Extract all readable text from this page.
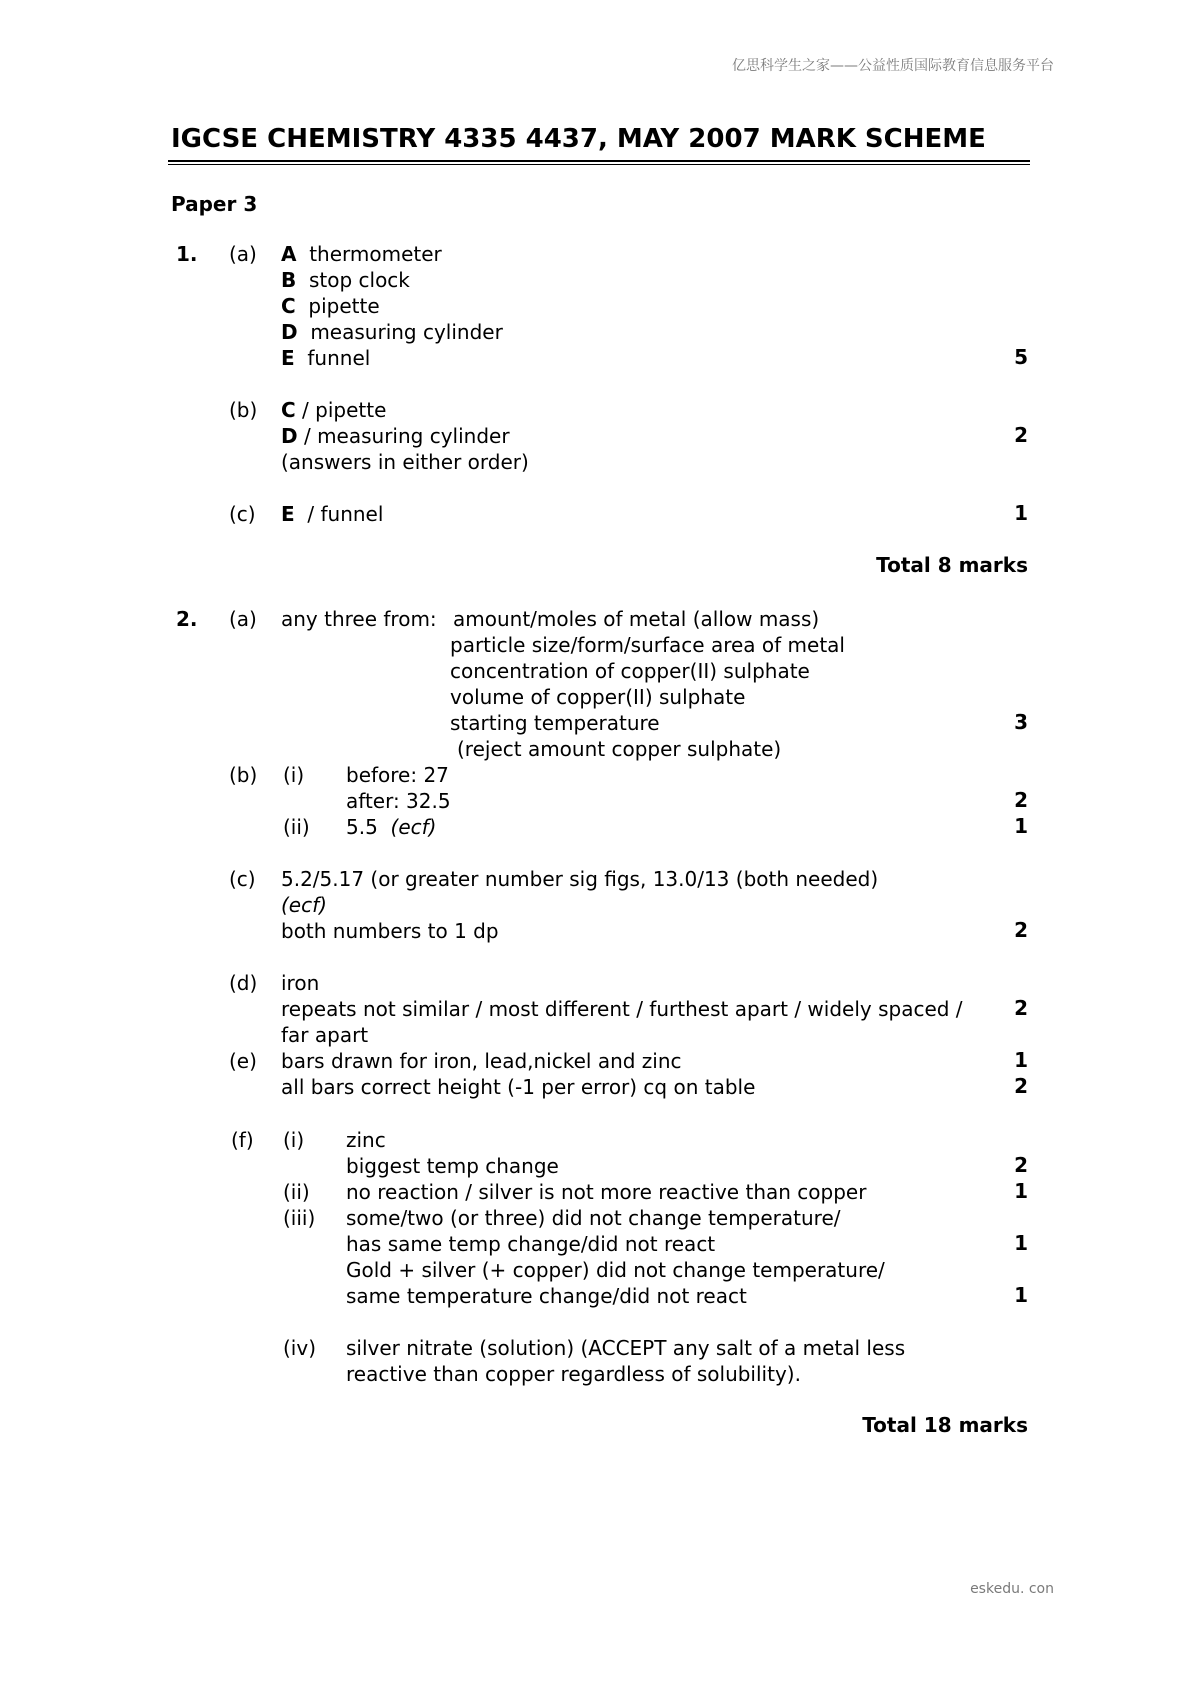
亿思科学生之家——公益性质国际教育信息服务平台
IGCSE CHEMISTRY 4335 4437, MAY 2007 MARK SCHEME
Paper 3
1. (a) A thermometer
B stop clock
C pipette
D measuring cylinder
E funnel	5
(b) C / pipette
D / measuring cylinder	2
(answers in either order)
(c) E / funnel	1
Total 8 marks
2. (a) any three from: amount/moles of metal (allow mass)
particle size/form/surface area of metal
concentration of copper(II) sulphate
volume of copper(II) sulphate
starting temperature	3
(reject amount copper sulphate)
(b) (i) before: 27
after: 32.5	2
(ii) 5.5 (ecf)	1
(c) 5.2/5.17 (or greater number sig figs, 13.0/13 (both needed)
(ecf)
both numbers to 1 dp	2
(d) iron
repeats not similar / most different / furthest apart / widely spaced /	2
far apart
(e) bars drawn for iron, lead,nickel and zinc	1
all bars correct height (-1 per error) cq on table	2
(f) (i) zinc
biggest temp change	2
(ii) no reaction / silver is not more reactive than copper	1
(iii) some/two (or three) did not change temperature/
has same temp change/did not react	1
Gold + silver (+ copper) did not change temperature/
same temperature change/did not react	1
(iv) silver nitrate (solution) (ACCEPT any salt of a metal less
reactive than copper regardless of solubility).
Total 18 marks
eskedu. con
